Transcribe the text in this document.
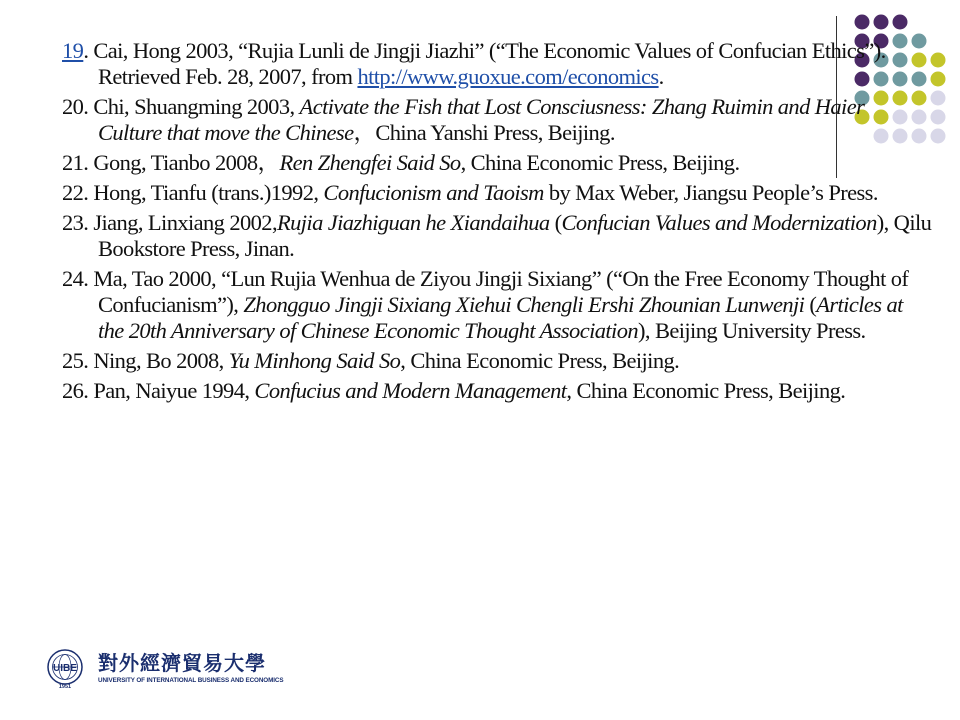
19. Cai, Hong 2003, “Rujia Lunli de Jingji Jiazhi” (“The Economic Values of Confucian Ethics”). Retrieved Feb. 28, 2007, from http://www.guoxue.com/economics.
20. Chi, Shuangming 2003, Activate the Fish that Lost Consciusness: Zhang Ruimin and Haier Culture that move the Chinese，China Yanshi Press, Beijing.
21. Gong, Tianbo 2008，Ren Zhengfei Said So, China Economic Press, Beijing.
22. Hong, Tianfu (trans.)1992, Confucionism and Taoism by Max Weber, Jiangsu People’s Press.
23. Jiang, Linxiang 2002,Rujia Jiazhiguan he Xiandaihua (Confucian Values and Modernization), Qilu Bookstore Press, Jinan.
24. Ma, Tao 2000, “Lun Rujia Wenhua de Ziyou Jingji Sixiang” (“On the Free Economy Thought of Confucianism”), Zhongguo Jingji Sixiang Xiehui Chengli Ershi Zhounian Lunwenji (Articles at the 20th Anniversary of Chinese Economic Thought Association), Beijing University Press.
25. Ning, Bo 2008, Yu Minhong Said So, China Economic Press, Beijing.
26. Pan, Naiyue 1994, Confucius and Modern Management, China Economic Press, Beijing.
UIBE
1951
對外經濟貿易大學
UNIVERSITY OF INTERNATIONAL BUSINESS AND ECONOMICS
